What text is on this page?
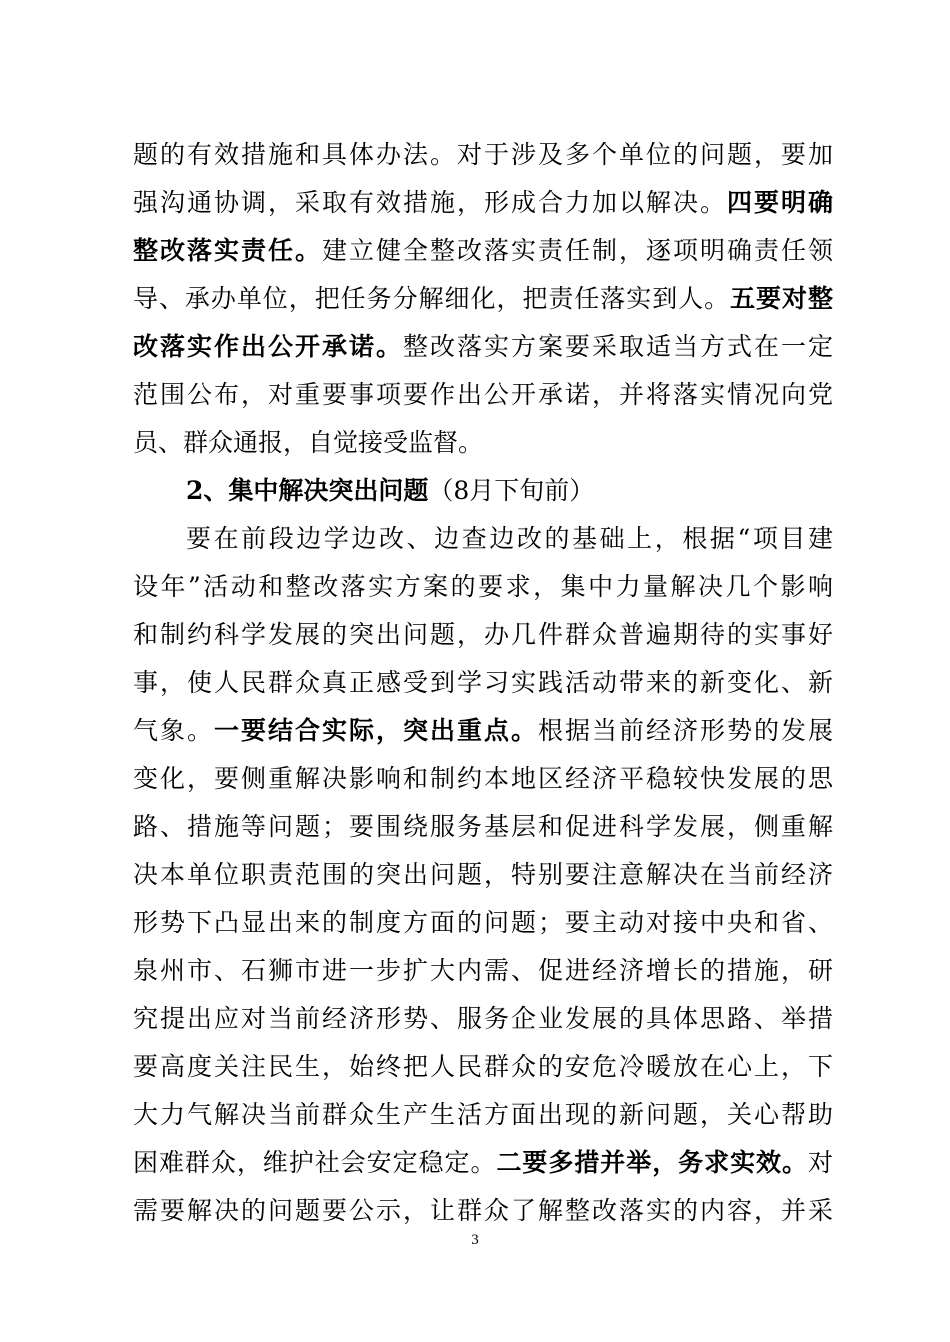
题的有效措施和具体办法。对于涉及多个单位的问题，要加
强沟通协调，采取有效措施，形成合力加以解决。四要明确
整改落实责任。建立健全整改落实责任制，逐项明确责任领
导、承办单位，把任务分解细化，把责任落实到人。五要对整
改落实作出公开承诺。整改落实方案要采取适当方式在一定
范围公布，对重要事项要作出公开承诺，并将落实情况向党
员、群众通报，自觉接受监督。
2、集中解决突出问题（8月下旬前）
要在前段边学边改、边查边改的基础上，根据“项目建
设年”活动和整改落实方案的要求，集中力量解决几个影响
和制约科学发展的突出问题，办几件群众普遍期待的实事好
事，使人民群众真正感受到学习实践活动带来的新变化、新
气象。一要结合实际，突出重点。根据当前经济形势的发展
变化，要侧重解决影响和制约本地区经济平稳较快发展的思
路、措施等问题；要围绕服务基层和促进科学发展，侧重解
决本单位职责范围的突出问题，特别要注意解决在当前经济
形势下凸显出来的制度方面的问题；要主动对接中央和省、
泉州市、石狮市进一步扩大内需、促进经济增长的措施，研
究提出应对当前经济形势、服务企业发展的具体思路、举措
要高度关注民生，始终把人民群众的安危冷暖放在心上，下
大力气解决当前群众生产生活方面出现的新问题，关心帮助
困难群众，维护社会安定稳定。二要多措并举，务求实效。对
需要解决的问题要公示，让群众了解整改落实的内容，并采
3
